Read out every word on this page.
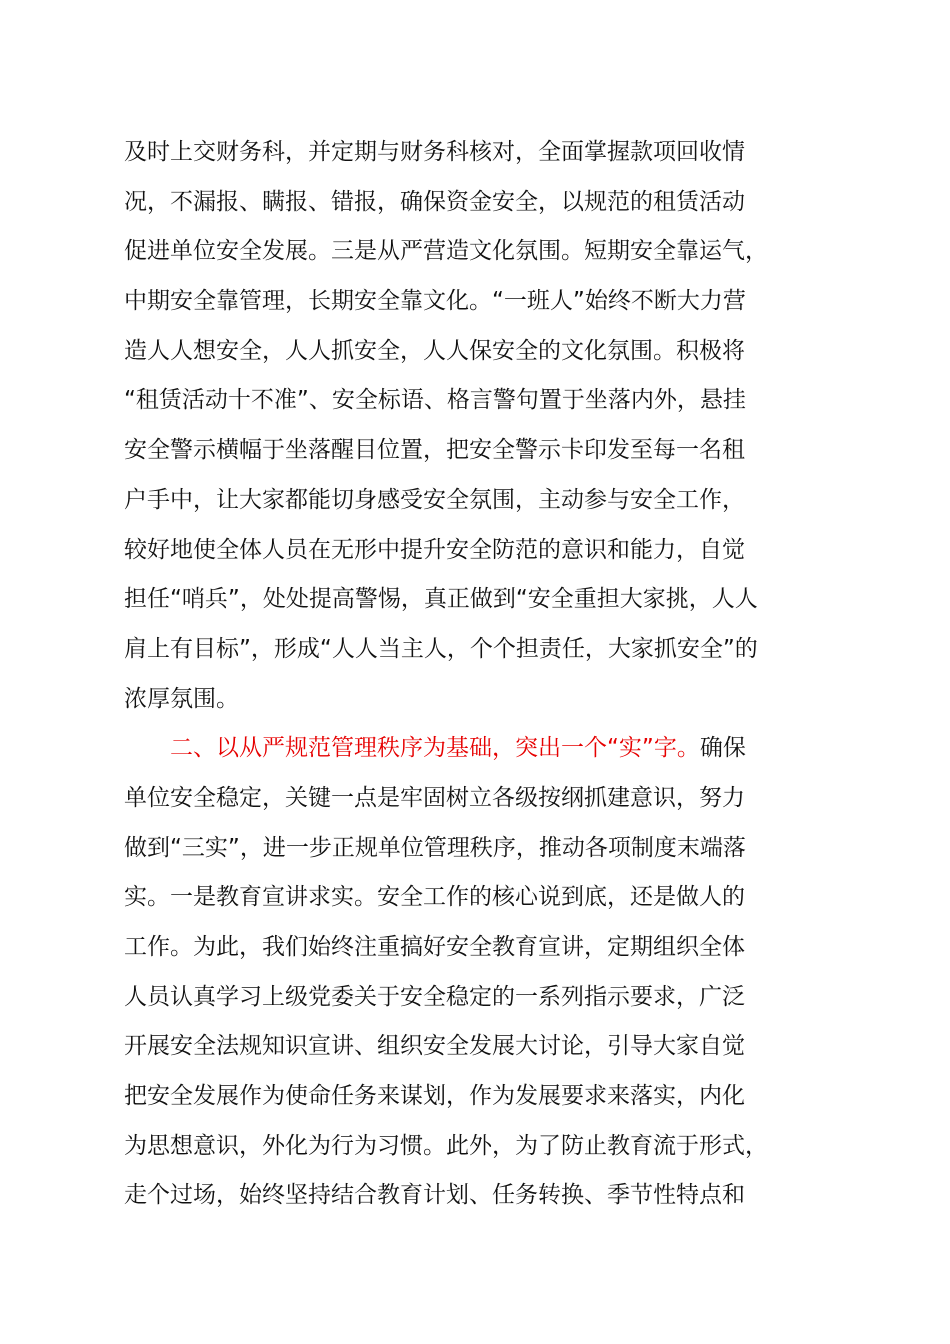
及时上交财务科，并定期与财务科核对，全面掌握款项回收情
况，不漏报、瞒报、错报，确保资金安全，以规范的租赁活动
促进单位安全发展。三是从严营造文化氛围。短期安全靠运气，
中期安全靠管理，长期安全靠文化。“一班人”始终不断大力营
造人人想安全，人人抓安全，人人保安全的文化氛围。积极将
“租赁活动十不准”、安全标语、格言警句置于坐落内外，悬挂
安全警示横幅于坐落醒目位置，把安全警示卡印发至每一名租
户手中，让大家都能切身感受安全氛围，主动参与安全工作，
较好地使全体人员在无形中提升安全防范的意识和能力，自觉
担任“哨兵”，处处提高警惕，真正做到“安全重担大家挑，人人
肩上有目标”，形成“人人当主人，个个担责任，大家抓安全”的
浓厚氛围。
二、以从严规范管理秩序为基础，突出一个“实”字。确保
单位安全稳定，关键一点是牢固树立各级按纲抓建意识，努力
做到“三实”，进一步正规单位管理秩序，推动各项制度末端落
实。一是教育宣讲求实。安全工作的核心说到底，还是做人的
工作。为此，我们始终注重搞好安全教育宣讲，定期组织全体
人员认真学习上级党委关于安全稳定的一系列指示要求，广泛
开展安全法规知识宣讲、组织安全发展大讨论，引导大家自觉
把安全发展作为使命任务来谋划，作为发展要求来落实，内化
为思想意识，外化为行为习惯。此外，为了防止教育流于形式，
走个过场，始终坚持结合教育计划、任务转换、季节性特点和
